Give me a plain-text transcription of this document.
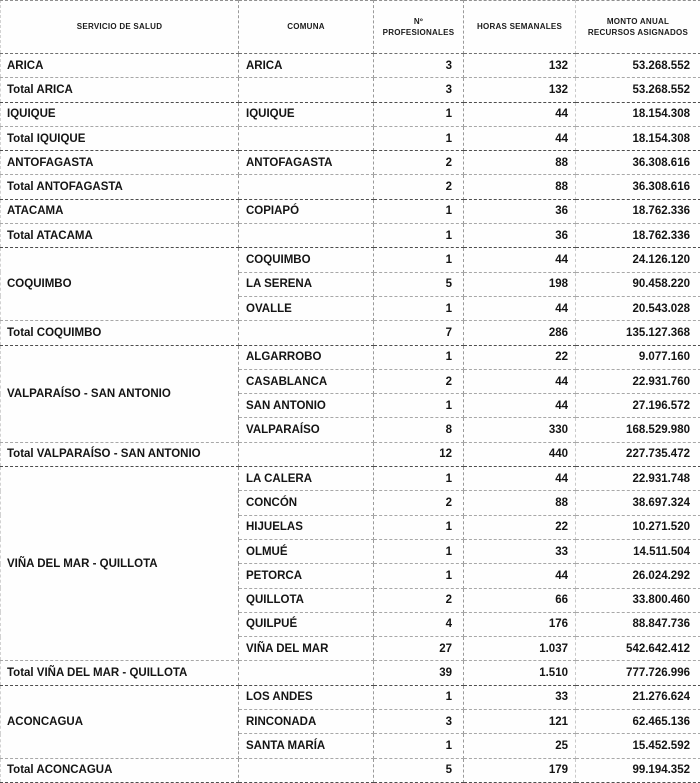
SERVICIO DE SALUD	COMUNA	Nº PROFESIONALES	HORAS SEMANALES	MONTO ANUAL
RECURSOS ASIGNADOS
ARICA	ARICA	3	132	53.268.552
Total ARICA		3	132	53.268.552
IQUIQUE	IQUIQUE	1	44	18.154.308
Total IQUIQUE		1	44	18.154.308
ANTOFAGASTA	ANTOFAGASTA	2	88	36.308.616
Total ANTOFAGASTA		2	88	36.308.616
ATACAMA	COPIAPÓ	1	36	18.762.336
Total ATACAMA		1	36	18.762.336
COQUIMBO	COQUIMBO	1	44	24.126.120
	LA SERENA	5	198	90.458.220
	OVALLE	1	44	20.543.028
Total COQUIMBO		7	286	135.127.368
VALPARAÍSO - SAN ANTONIO	ALGARROBO	1	22	9.077.160
	CASABLANCA	2	44	22.931.760
	SAN ANTONIO	1	44	27.196.572
	VALPARAÍSO	8	330	168.529.980
Total VALPARAÍSO - SAN ANTONIO		12	440	227.735.472
VIÑA DEL MAR - QUILLOTA	LA CALERA	1	44	22.931.748
	CONCÓN	2	88	38.697.324
	HIJUELAS	1	22	10.271.520
	OLMUÉ	1	33	14.511.504
	PETORCA	1	44	26.024.292
	QUILLOTA	2	66	33.800.460
	QUILPUÉ	4	176	88.847.736
	VIÑA DEL MAR	27	1.037	542.642.412
Total VIÑA DEL MAR - QUILLOTA		39	1.510	777.726.996
ACONCAGUA	LOS ANDES	1	33	21.276.624
	RINCONADA	3	121	62.465.136
	SANTA MARÍA	1	25	15.452.592
Total ACONCAGUA		5	179	99.194.352
